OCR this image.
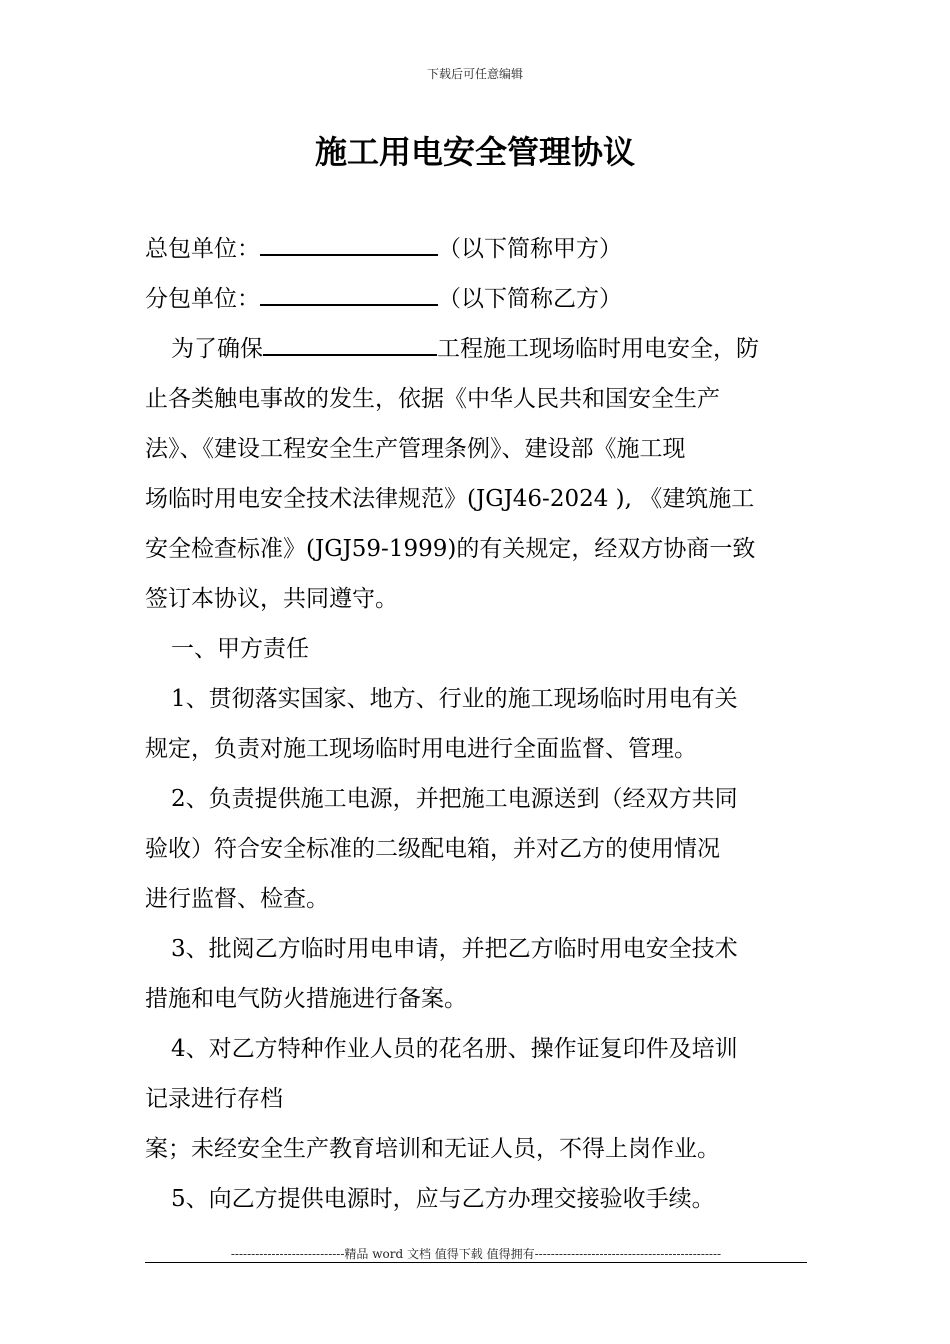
下载后可任意编辑
施工用电安全管理协议
总包单位：	（以下简称甲方）
分包单位：	（以下简称乙方）
为了确保	工程施工现场临时用电安全，防
止各类触电事故的发生，依据《中华人民共和国安全生产
法》、《建设工程安全生产管理条例》、建设部《施工现
场临时用电安全技术法律规范》(JGJ46-2024 ), 《建筑施工
安全检查标准》(JGJ59-1999)的有关规定，经双方协商一致
签订本协议，共同遵守。
一、甲方责任
1、贯彻落实国家、地方、行业的施工现场临时用电有关
规定，负责对施工现场临时用电进行全面监督、管理。
2、负责提供施工电源，并把施工电源送到（经双方共同
验收）符合安全标准的二级配电箱，并对乙方的使用情况
进行监督、检查。
3、批阅乙方临时用电申请，并把乙方临时用电安全技术
措施和电气防火措施进行备案。
4、对乙方特种作业人员的花名册、操作证复印件及培训
记录进行存档
案；未经安全生产教育培训和无证人员，不得上岗作业。
5、向乙方提供电源时，应与乙方办理交接验收手续。
----------------------------精品 word 文档 值得下载 值得拥有----------------------------------------------
